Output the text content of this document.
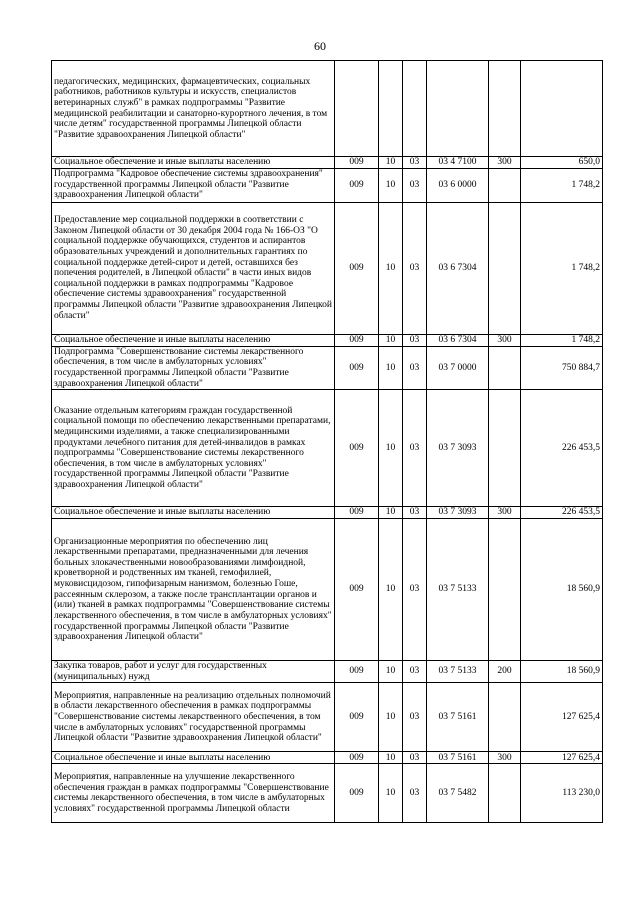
60
педагогических, медицинских, фармацевтических, социальных работников, работников культуры и искусств, специалистов ветеринарных служб" в рамках подпрограммы "Развитие медицинской реабилитации и санаторно-курортного лечения, в том числе детям" государственной программы Липецкой области "Развитие здравоохранения Липецкой области"						
Социальное обеспечение и иные выплаты населению	009	10	03	03 4 7100	300	650,0
Подпрограмма "Кадровое обеспечение системы здравоохранения" государственной программы Липецкой области "Развитие здравоохранения Липецкой области"	009	10	03	03 6 0000		1 748,2
Предоставление мер социальной поддержки в соответствии с Законом Липецкой области от 30 декабря 2004 года № 166-ОЗ "О социальной поддержке обучающихся, студентов и аспирантов образовательных учреждений и дополнительных гарантиях по социальной поддержке детей-сирот и детей, оставшихся без попечения родителей, в Липецкой области" в части иных видов социальной поддержки в рамках подпрограммы "Кадровое обеспечение системы здравоохранения" государственной программы Липецкой области "Развитие здравоохранения Липецкой области"	009	10	03	03 6 7304		1 748,2
Социальное обеспечение и иные выплаты населению	009	10	03	03 6 7304	300	1 748,2
Подпрограмма "Совершенствование системы лекарственного обеспечения, в том числе в амбулаторных условиях" государственной программы Липецкой области "Развитие здравоохранения Липецкой области"	009	10	03	03 7 0000		750 884,7
Оказание отдельным категориям граждан государственной социальной помощи по обеспечению лекарственными препаратами, медицинскими изделиями, а также специализированными продуктами лечебного питания для детей-инвалидов в рамках подпрограммы "Совершенствование системы лекарственного обеспечения, в том числе в амбулаторных условиях" государственной программы Липецкой области "Развитие здравоохранения Липецкой области"	009	10	03	03 7 3093		226 453,5
Социальное обеспечение и иные выплаты населению	009	10	03	03 7 3093	300	226 453,5
Организационные мероприятия по обеспечению лиц лекарственными препаратами, предназначенными для лечения больных злокачественными новообразованиями лимфоидной, кроветворной и родственных им тканей, гемофилией, муковисцидозом, гипофизарным нанизмом, болезнью Гоше, рассеянным склерозом, а также после трансплантации органов и (или) тканей в рамках подпрограммы "Совершенствование системы лекарственного обеспечения, в том числе в амбулаторных условиях" государственной программы Липецкой области "Развитие здравоохранения Липецкой области"	009	10	03	03 7 5133		18 560,9
Закупка товаров, работ и услуг для государственных (муниципальных) нужд	009	10	03	03 7 5133	200	18 560,9
Мероприятия, направленные на реализацию отдельных полномочий в области лекарственного обеспечения в рамках подпрограммы "Совершенствование системы лекарственного обеспечения, в том числе в амбулаторных условиях" государственной программы Липецкой области "Развитие здравоохранения Липецкой области"	009	10	03	03 7 5161		127 625,4
Социальное обеспечение и иные выплаты населению	009	10	03	03 7 5161	300	127 625,4
Мероприятия, направленные на улучшение лекарственного обеспечения граждан в рамках подпрограммы "Совершенствование системы лекарственного обеспечения, в том числе в амбулаторных условиях" государственной программы Липецкой области	009	10	03	03 7 5482		113 230,0
